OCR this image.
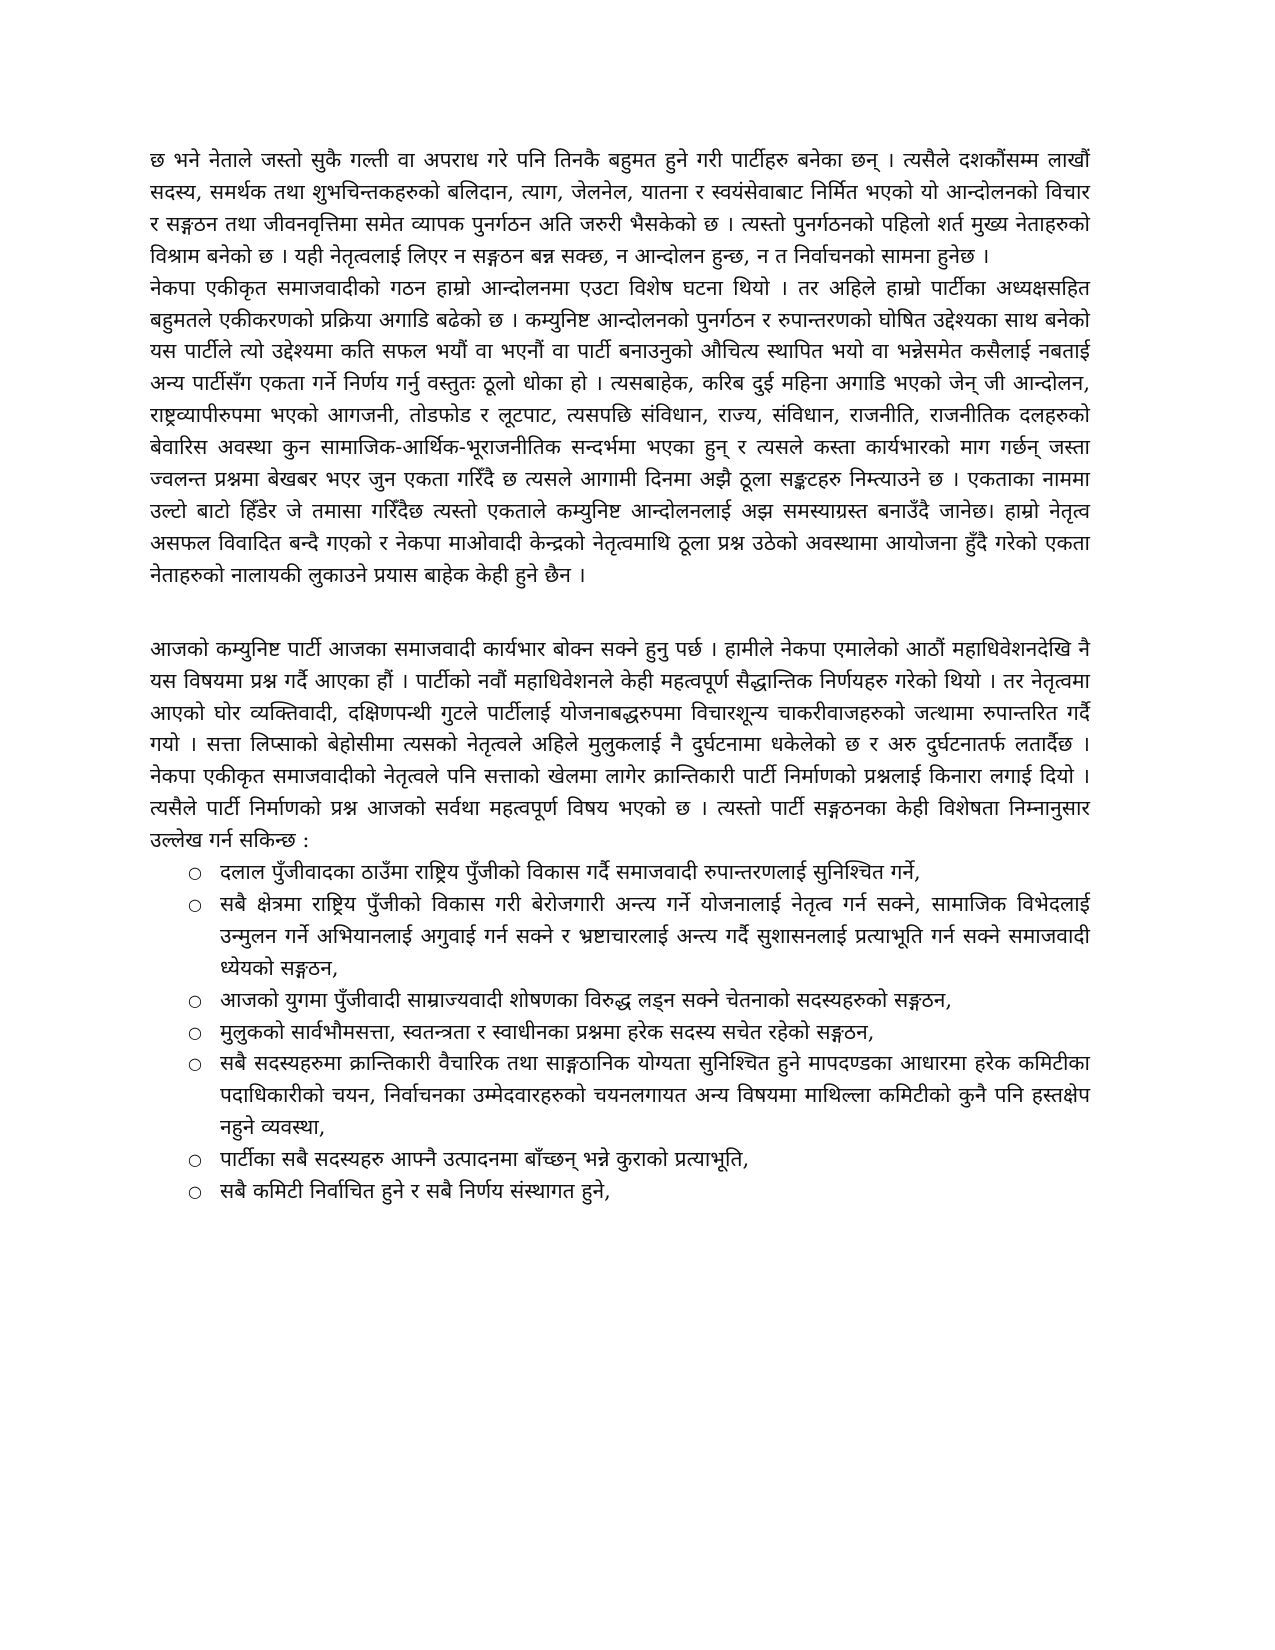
छ भने नेताले जस्तो सुकै गल्ती वा अपराध गरे पनि तिनकै बहुमत हुने गरी पार्टीहरु बनेका छन् । त्यसैले दशकौंसम्म लाखौं सदस्य, समर्थक तथा शुभचिन्तकहरुको बलिदान, त्याग, जेलनेल, यातना र स्वयंसेवाबाट निर्मित भएको यो आन्दोलनको विचार र सङ्गठन तथा जीवनवृत्तिमा समेत व्यापक पुनर्गठन अति जरुरी भैसकेको छ । त्यस्तो पुनर्गठनको पहिलो शर्त मुख्य नेताहरुको विश्राम बनेको छ । यही नेतृत्वलाई लिएर न सङ्गठन बन्न सक्छ, न आन्दोलन हुन्छ, न त निर्वाचनको सामना हुनेछ ।

नेकपा एकीकृत समाजवादीको गठन हाम्रो आन्दोलनमा एउटा विशेष घटना थियो । तर अहिले हाम्रो पार्टीका अध्यक्षसहित बहुमतले एकीकरणको प्रक्रिया अगाडि बढेको छ । कम्युनिष्ट आन्दोलनको पुनर्गठन र रुपान्तरणको घोषित उद्देश्यका साथ बनेको यस पार्टीले त्यो उद्देश्यमा कति सफल भयौं वा भएनौं वा पार्टी बनाउनुको औचित्य स्थापित भयो वा भन्नेसमेत कसैलाई नबताई अन्य पार्टीसँग एकता गर्ने निर्णय गर्नु वस्तुतः ठूलो धोका हो । त्यसबाहेक, करिब दुई महिना अगाडि भएको जेन् जी आन्दोलन, राष्ट्रव्यापीरुपमा भएको आगजनी, तोडफोड र लूटपाट, त्यसपछि संविधान, राज्य, संविधान, राजनीति, राजनीतिक दलहरुको बेवारिस अवस्था कुन सामाजिक-आर्थिक-भूराजनीतिक सन्दर्भमा भएका हुन् र त्यसले कस्ता कार्यभारको माग गर्छन् जस्ता ज्वलन्त प्रश्नमा बेखबर भएर जुन एकता गरिँदै छ त्यसले आगामी दिनमा अझै ठूला सङ्कटहरु निम्त्याउने छ । एकताका नाममा उल्टो बाटो हिँडेर जे तमासा गरिँदैछ त्यस्तो एकताले कम्युनिष्ट आन्दोलनलाई अझ समस्याग्रस्त बनाउँदै जानेछ। हाम्रो नेतृत्व असफल विवादित बन्दै गएको र नेकपा माओवादी केन्द्रको नेतृत्वमाथि ठूला प्रश्न उठेको अवस्थामा आयोजना हुँदै गरेको एकता नेताहरुको नालायकी लुकाउने प्रयास बाहेक केही हुने छैन ।

आजको कम्युनिष्ट पार्टी आजका समाजवादी कार्यभार बोक्न सक्ने हुनु पर्छ । हामीले नेकपा एमालेको आठौं महाधिवेशनदेखि नै यस विषयमा प्रश्न गर्दै आएका हौं । पार्टीको नवौं महाधिवेशनले केही महत्वपूर्ण सैद्धान्तिक निर्णयहरु गरेको थियो । तर नेतृत्वमा आएको घोर व्यक्तिवादी, दक्षिणपन्थी गुटले पार्टीलाई योजनाबद्धरुपमा विचारशून्य चाकरीवाजहरुको जत्थामा रुपान्तरित गर्दै गयो । सत्ता लिप्साको बेहोसीमा त्यसको नेतृत्वले अहिले मुलुकलाई नै दुर्घटनामा धकेलेको छ र अरु दुर्घटनातर्फ लतार्दैछ । नेकपा एकीकृत समाजवादीको नेतृत्वले पनि सत्ताको खेलमा लागेर क्रान्तिकारी पार्टी निर्माणको प्रश्नलाई किनारा लगाई दियो । त्यसैले पार्टी निर्माणको प्रश्न आजको सर्वथा महत्वपूर्ण विषय भएको छ । त्यस्तो पार्टी सङ्गठनका केही विशेषता निम्नानुसार उल्लेख गर्न सकिन्छ :

○ दलाल पुँजीवादका ठाउँमा राष्ट्रिय पुँजीको विकास गर्दै समाजवादी रुपान्तरणलाई सुनिश्चित गर्ने,
○ सबै क्षेत्रमा राष्ट्रिय पुँजीको विकास गरी बेरोजगारी अन्त्य गर्ने योजनालाई नेतृत्व गर्न सक्ने, सामाजिक विभेदलाई उन्मुलन गर्ने अभियानलाई अगुवाई गर्न सक्ने र भ्रष्टाचारलाई अन्त्य गर्दै सुशासनलाई प्रत्याभूति गर्न सक्ने समाजवादी ध्येयको सङ्गठन,
○ आजको युगमा पुँजीवादी साम्राज्यवादी शोषणका विरुद्ध लड्न सक्ने चेतनाको सदस्यहरुको सङ्गठन,
○ मुलुकको सार्वभौमसत्ता, स्वतन्त्रता र स्वाधीनका प्रश्नमा हरेक सदस्य सचेत रहेको सङ्गठन,
○ सबै सदस्यहरुमा क्रान्तिकारी वैचारिक तथा साङ्गठानिक योग्यता सुनिश्चित हुने मापदण्डका आधारमा हरेक कमिटीका पदाधिकारीको चयन, निर्वाचनका उम्मेदवारहरुको चयनलगायत अन्य विषयमा माथिल्ला कमिटीको कुनै पनि हस्तक्षेप नहुने व्यवस्था,
○ पार्टीका सबै सदस्यहरु आफ्नै उत्पादनमा बाँच्छन् भन्ने कुराको प्रत्याभूति,
○ सबै कमिटी निर्वाचित हुने र सबै निर्णय संस्थागत हुने,
